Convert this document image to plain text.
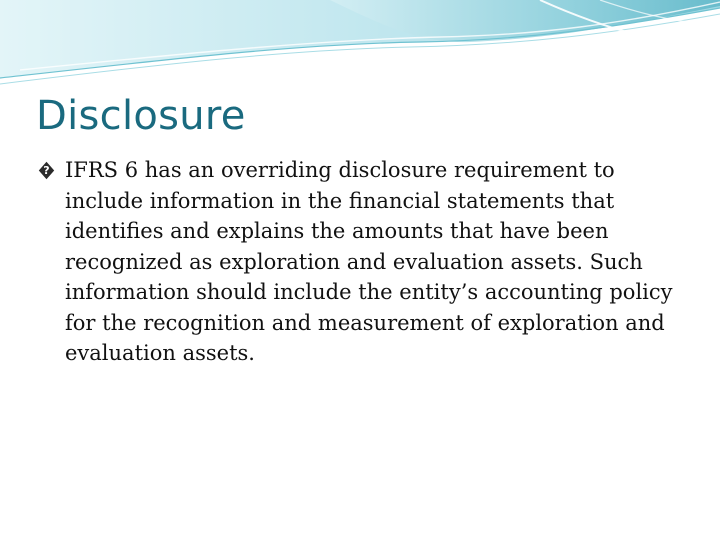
Disclosure
? IFRS 6 has an overriding disclosure requirement to include information in the financial statements that identifies and explains the amounts that have been recognized as exploration and evaluation assets. Such information should include the entity’s accounting policy for the recognition and measurement of exploration and evaluation assets.
